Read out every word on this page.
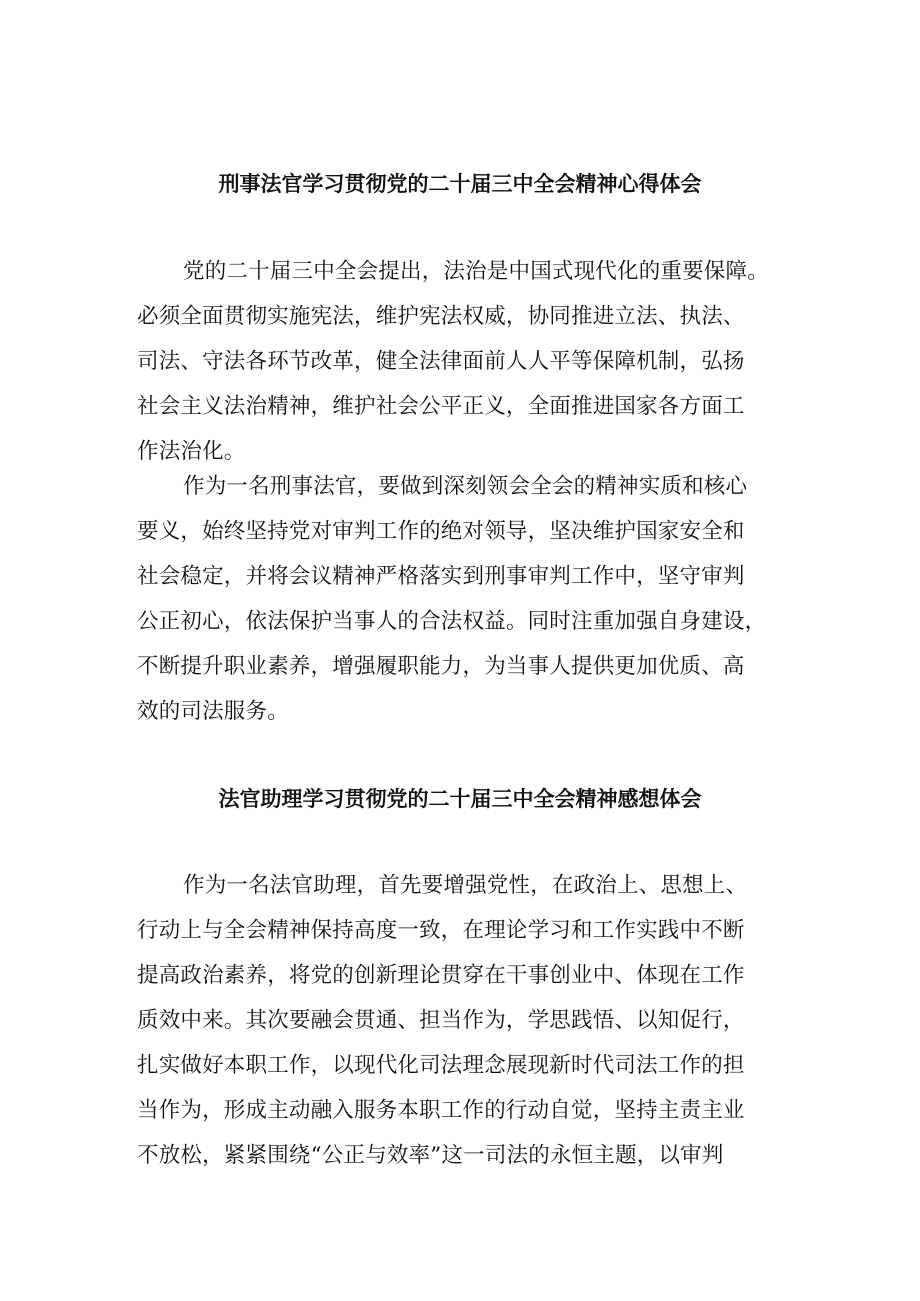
刑事法官学习贯彻党的二十届三中全会精神心得体会
党的二十届三中全会提出，法治是中国式现代化的重要保障。
必须全面贯彻实施宪法，维护宪法权威，协同推进立法、执法、
司法、守法各环节改革，健全法律面前人人平等保障机制，弘扬
社会主义法治精神，维护社会公平正义，全面推进国家各方面工
作法治化。
作为一名刑事法官，要做到深刻领会全会的精神实质和核心
要义，始终坚持党对审判工作的绝对领导，坚决维护国家安全和
社会稳定，并将会议精神严格落实到刑事审判工作中，坚守审判
公正初心，依法保护当事人的合法权益。同时注重加强自身建设，
不断提升职业素养，增强履职能力，为当事人提供更加优质、高
效的司法服务。
法官助理学习贯彻党的二十届三中全会精神感想体会
作为一名法官助理，首先要增强党性，在政治上、思想上、
行动上与全会精神保持高度一致，在理论学习和工作实践中不断
提高政治素养，将党的创新理论贯穿在干事创业中、体现在工作
质效中来。其次要融会贯通、担当作为，学思践悟、以知促行，
扎实做好本职工作，以现代化司法理念展现新时代司法工作的担
当作为，形成主动融入服务本职工作的行动自觉，坚持主责主业
不放松，紧紧围绕“公正与效率”这一司法的永恒主题，以审判
